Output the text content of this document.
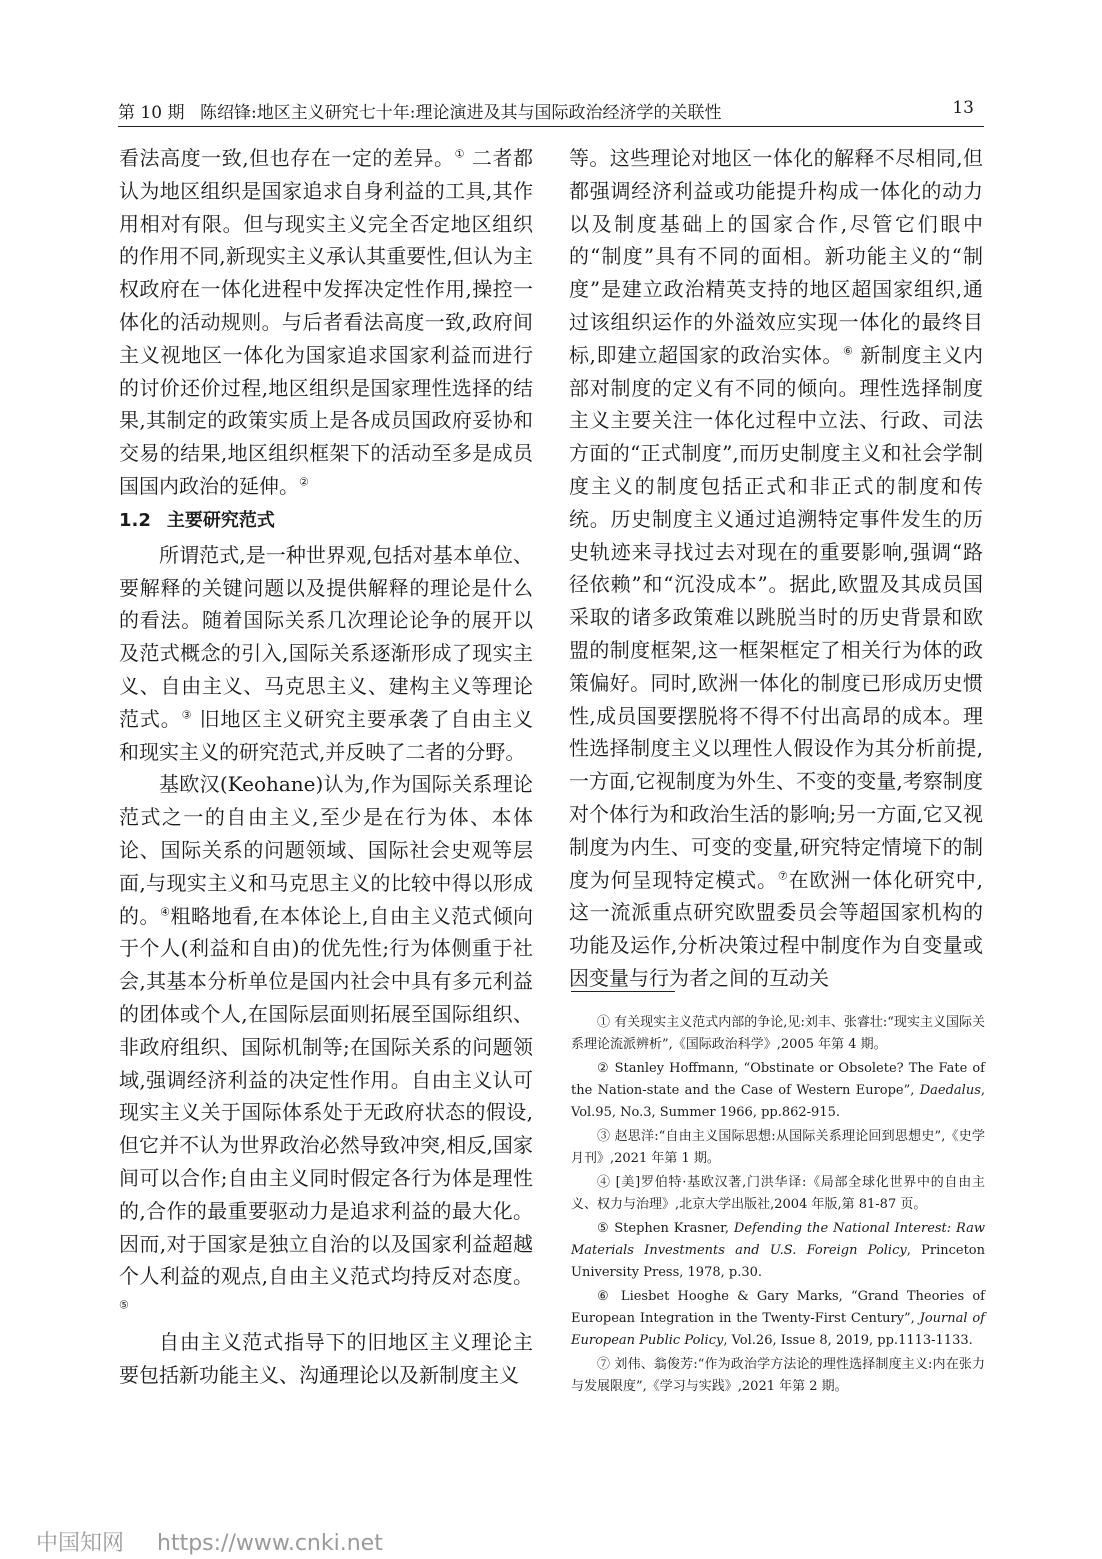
第 10 期 陈绍锋:地区主义研究七十年:理论演进及其与国际政治经济学的关联性	13

看法高度一致,但也存在一定的差异。① 二者都认为地区组织是国家追求自身利益的工具,其作用相对有限。但与现实主义完全否定地区组织的作用不同,新现实主义承认其重要性,但认为主权政府在一体化进程中发挥决定性作用,操控一体化的活动规则。与后者看法高度一致,政府间主义视地区一体化为国家追求国家利益而进行的讨价还价过程,地区组织是国家理性选择的结果,其制定的政策实质上是各成员国政府妥协和交易的结果,地区组织框架下的活动至多是成员国国内政治的延伸。②

1.2 主要研究范式

所谓范式,是一种世界观,包括对基本单位、要解释的关键问题以及提供解释的理论是什么的看法。随着国际关系几次理论论争的展开以及范式概念的引入,国际关系逐渐形成了现实主义、自由主义、马克思主义、建构主义等理论范式。③ 旧地区主义研究主要承袭了自由主义和现实主义的研究范式,并反映了二者的分野。

基欧汉(Keohane)认为,作为国际关系理论范式之一的自由主义,至少是在行为体、本体论、国际关系的问题领域、国际社会史观等层面,与现实主义和马克思主义的比较中得以形成的。④粗略地看,在本体论上,自由主义范式倾向于个人(利益和自由)的优先性;行为体侧重于社会,其基本分析单位是国内社会中具有多元利益的团体或个人,在国际层面则拓展至国际组织、非政府组织、国际机制等;在国际关系的问题领域,强调经济利益的决定性作用。自由主义认可现实主义关于国际体系处于无政府状态的假设,但它并不认为世界政治必然导致冲突,相反,国家间可以合作;自由主义同时假定各行为体是理性的,合作的最重要驱动力是追求利益的最大化。因而,对于国家是独立自治的以及国家利益超越个人利益的观点,自由主义范式均持反对态度。⑤

自由主义范式指导下的旧地区主义理论主要包括新功能主义、沟通理论以及新制度主义

等。这些理论对地区一体化的解释不尽相同,但都强调经济利益或功能提升构成一体化的动力以及制度基础上的国家合作,尽管它们眼中的“制度”具有不同的面相。新功能主义的“制度”是建立政治精英支持的地区超国家组织,通过该组织运作的外溢效应实现一体化的最终目标,即建立超国家的政治实体。⑥ 新制度主义内部对制度的定义有不同的倾向。理性选择制度主义主要关注一体化过程中立法、行政、司法方面的“正式制度”,而历史制度主义和社会学制度主义的制度包括正式和非正式的制度和传统。历史制度主义通过追溯特定事件发生的历史轨迹来寻找过去对现在的重要影响,强调“路径依赖”和“沉没成本”。据此,欧盟及其成员国采取的诸多政策难以跳脱当时的历史背景和欧盟的制度框架,这一框架框定了相关行为体的政策偏好。同时,欧洲一体化的制度已形成历史惯性,成员国要摆脱将不得不付出高昂的成本。理性选择制度主义以理性人假设作为其分析前提,一方面,它视制度为外生、不变的变量,考察制度对个体行为和政治生活的影响;另一方面,它又视制度为内生、可变的变量,研究特定情境下的制度为何呈现特定模式。⑦在欧洲一体化研究中,这一流派重点研究欧盟委员会等超国家机构的功能及运作,分析决策过程中制度作为自变量或因变量与行为者之间的互动关

① 有关现实主义范式内部的争论,见:刘丰、张睿壮:“现实主义国际关系理论流派辨析”,《国际政治科学》,2005 年第 4 期。

② Stanley Hoffmann, “Obstinate or Obsolete? The Fate of the Nation-state and the Case of Western Europe”, Daedalus, Vol.95, No.3, Summer 1966, pp.862-915.

③ 赵思洋:“自由主义国际思想:从国际关系理论回到思想史”,《史学月刊》,2021 年第 1 期。

④ [美]罗伯特·基欧汉著,门洪华译:《局部全球化世界中的自由主义、权力与治理》,北京大学出版社,2004 年版,第 81-87 页。

⑤ Stephen Krasner, Defending the National Interest: Raw Materials Investments and U.S. Foreign Policy, Princeton University Press, 1978, p.30.

⑥ Liesbet Hooghe & Gary Marks, “Grand Theories of European Integration in the Twenty-First Century”, Journal of European Public Policy, Vol.26, Issue 8, 2019, pp.1113-1133.

⑦ 刘伟、翁俊芳:“作为政治学方法论的理性选择制度主义:内在张力与发展限度”,《学习与实践》,2021 年第 2 期。

中国知网 https://www.cnki.net
